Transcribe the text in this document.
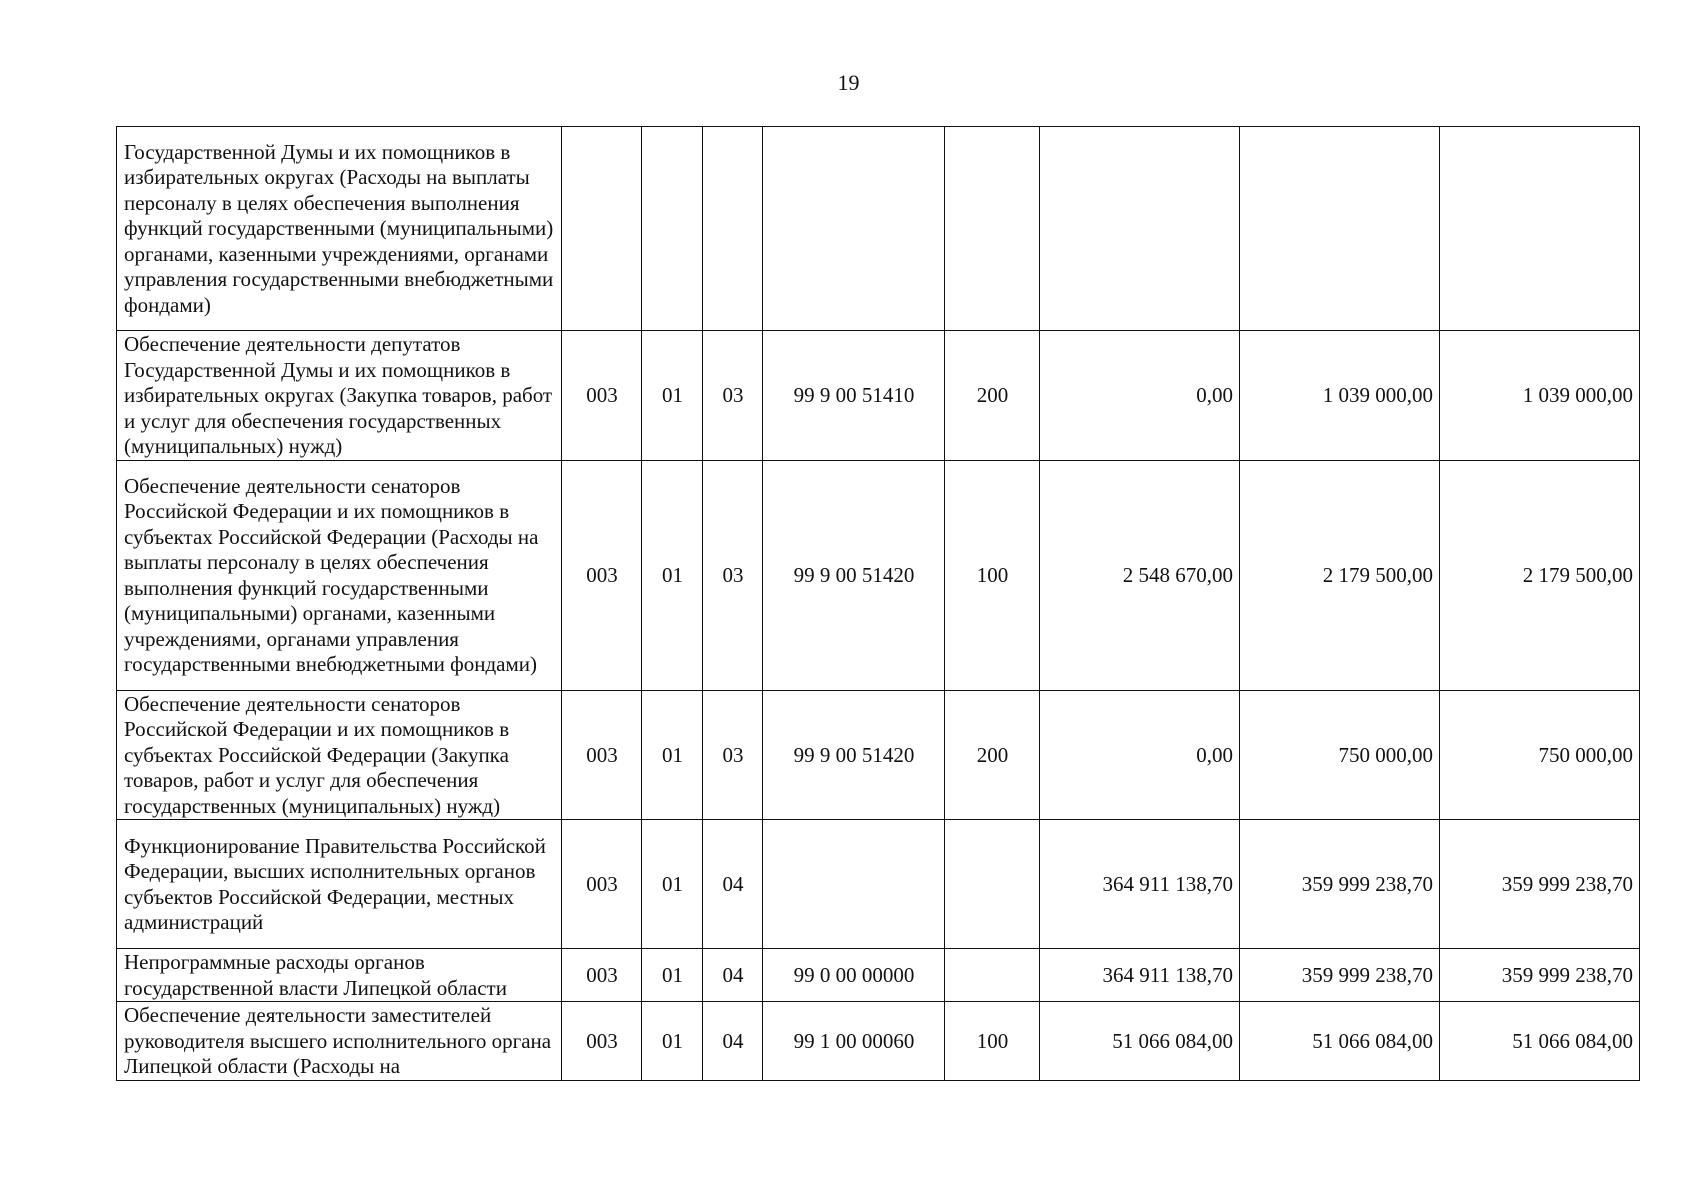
19
Государственной Думы и их помощников в избирательных округах (Расходы на выплаты персоналу в целях обеспечения выполнения функций государственными (муниципальными) органами, казенными учреждениями, органами управления государственными внебюджетными фондами)								
Обеспечение деятельности депутатов Государственной Думы и их помощников в избирательных округах (Закупка товаров, работ и услуг для обеспечения государственных (муниципальных) нужд)	003	01	03	99 9 00 51410	200	0,00	1 039 000,00	1 039 000,00
Обеспечение деятельности сенаторов Российской Федерации и их помощников в субъектах Российской Федерации (Расходы на выплаты персоналу в целях обеспечения выполнения функций государственными (муниципальными) органами, казенными учреждениями, органами управления государственными внебюджетными фондами)	003	01	03	99 9 00 51420	100	2 548 670,00	2 179 500,00	2 179 500,00
Обеспечение деятельности сенаторов Российской Федерации и их помощников в субъектах Российской Федерации (Закупка товаров, работ и услуг для обеспечения государственных (муниципальных) нужд)	003	01	03	99 9 00 51420	200	0,00	750 000,00	750 000,00
Функционирование Правительства Российской Федерации, высших исполнительных органов субъектов Российской Федерации, местных администраций	003	01	04			364 911 138,70	359 999 238,70	359 999 238,70
Непрограммные расходы органов государственной власти Липецкой области	003	01	04	99 0 00 00000		364 911 138,70	359 999 238,70	359 999 238,70
Обеспечение деятельности заместителей руководителя высшего исполнительного органа Липецкой области (Расходы на	003	01	04	99 1 00 00060	100	51 066 084,00	51 066 084,00	51 066 084,00
